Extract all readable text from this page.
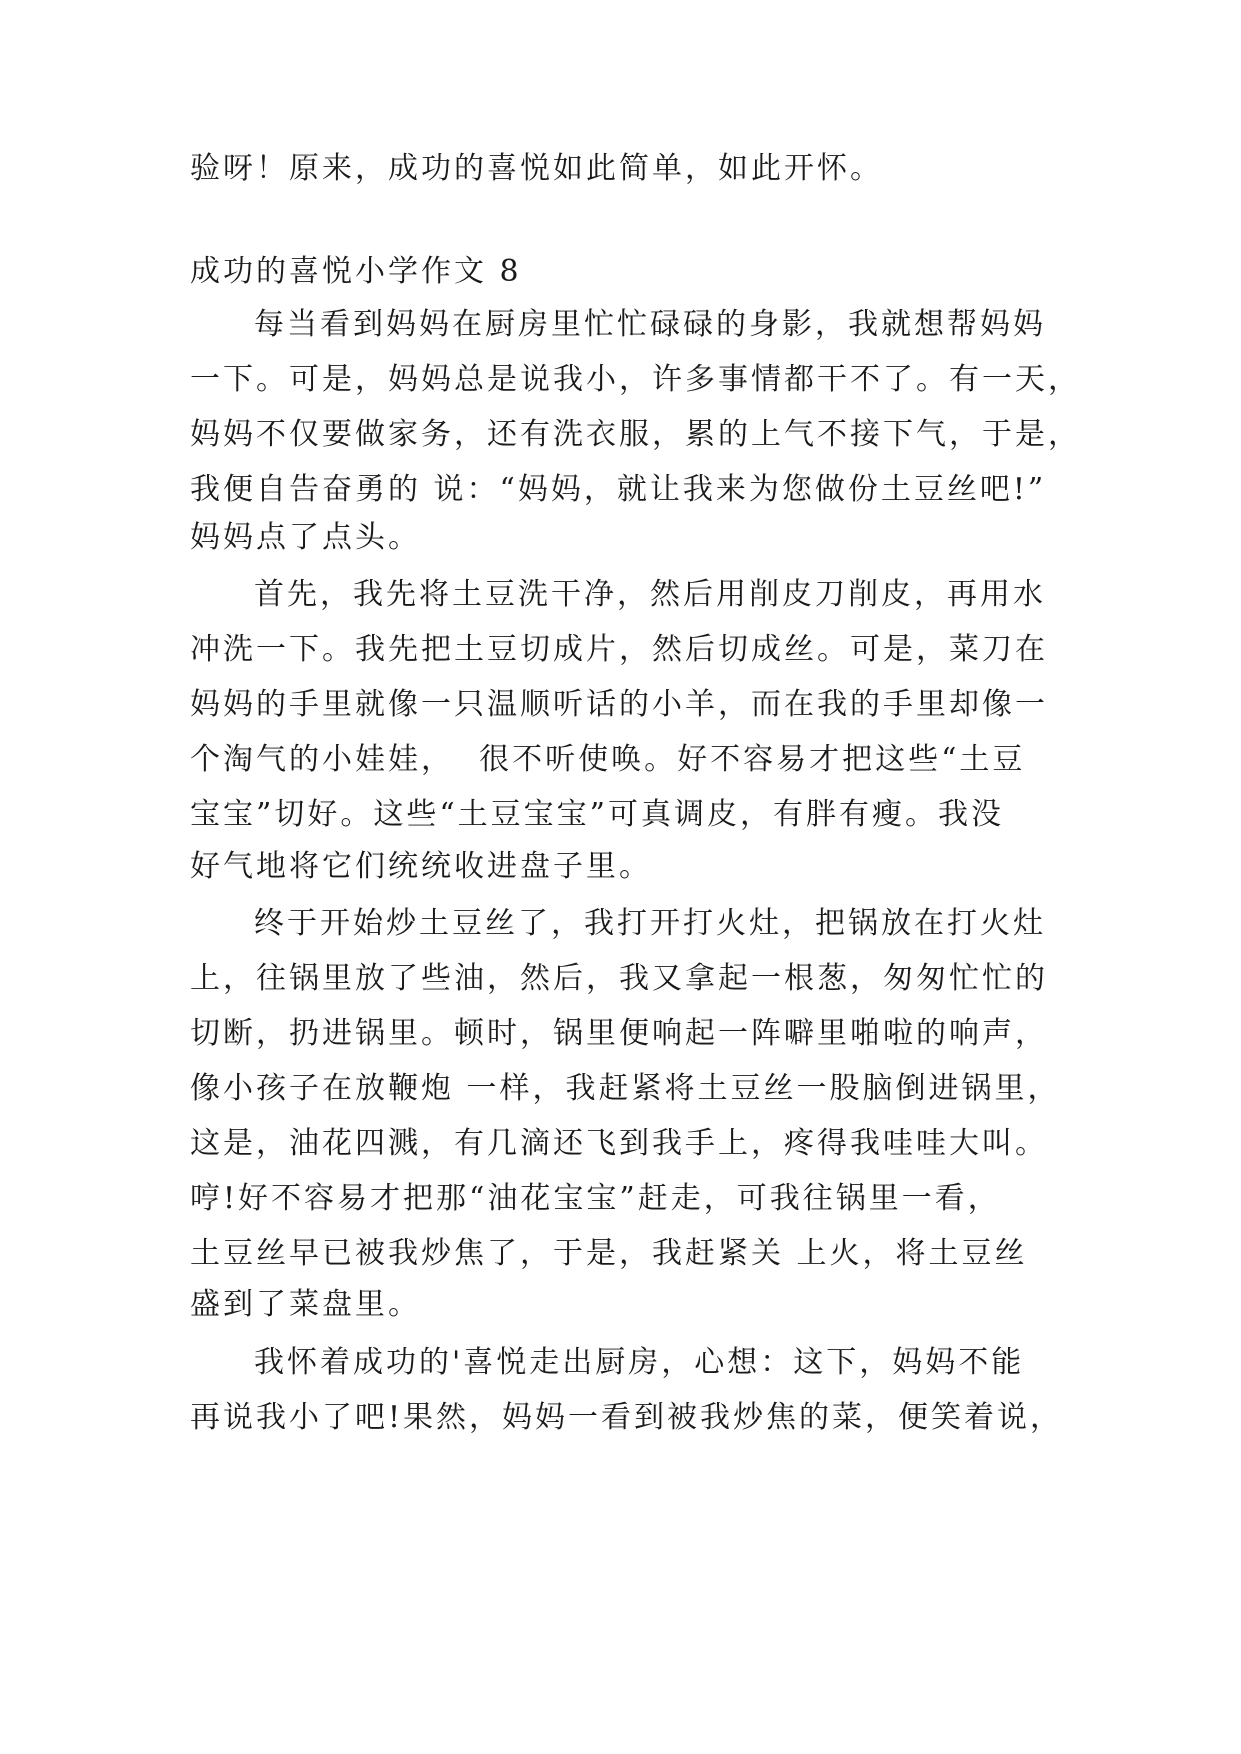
验呀！原来，成功的喜悦如此简单，如此开怀。
成功的喜悦小学作文 8
每当看到妈妈在厨房里忙忙碌碌的身影，我就想帮妈妈
一下。可是，妈妈总是说我小，许多事情都干不了。有一天，
妈妈不仅要做家务，还有洗衣服，累的上气不接下气，于是，
我便自告奋勇的 说：“妈妈，就让我来为您做份土豆丝吧!”
妈妈点了点头。
首先，我先将土豆洗干净，然后用削皮刀削皮，再用水
冲洗一下。我先把土豆切成片，然后切成丝。可是，菜刀在
妈妈的手里就像一只温顺听话的小羊，而在我的手里却像一
个淘气的小娃娃，  很不听使唤。好不容易才把这些“土豆
宝宝”切好。这些“土豆宝宝”可真调皮，有胖有瘦。我没
好气地将它们统统收进盘子里。
终于开始炒土豆丝了，我打开打火灶，把锅放在打火灶
上，往锅里放了些油，然后，我又拿起一根葱，匆匆忙忙的
切断，扔进锅里。顿时，锅里便响起一阵噼里啪啦的响声，
像小孩子在放鞭炮 一样，我赶紧将土豆丝一股脑倒进锅里，
这是，油花四溅，有几滴还飞到我手上，疼得我哇哇大叫。
哼!好不容易才把那“油花宝宝”赶走，可我往锅里一看，
土豆丝早已被我炒焦了，于是，我赶紧关 上火，将土豆丝
盛到了菜盘里。
我怀着成功的'喜悦走出厨房，心想：这下，妈妈不能
再说我小了吧!果然，妈妈一看到被我炒焦的菜，便笑着说，
